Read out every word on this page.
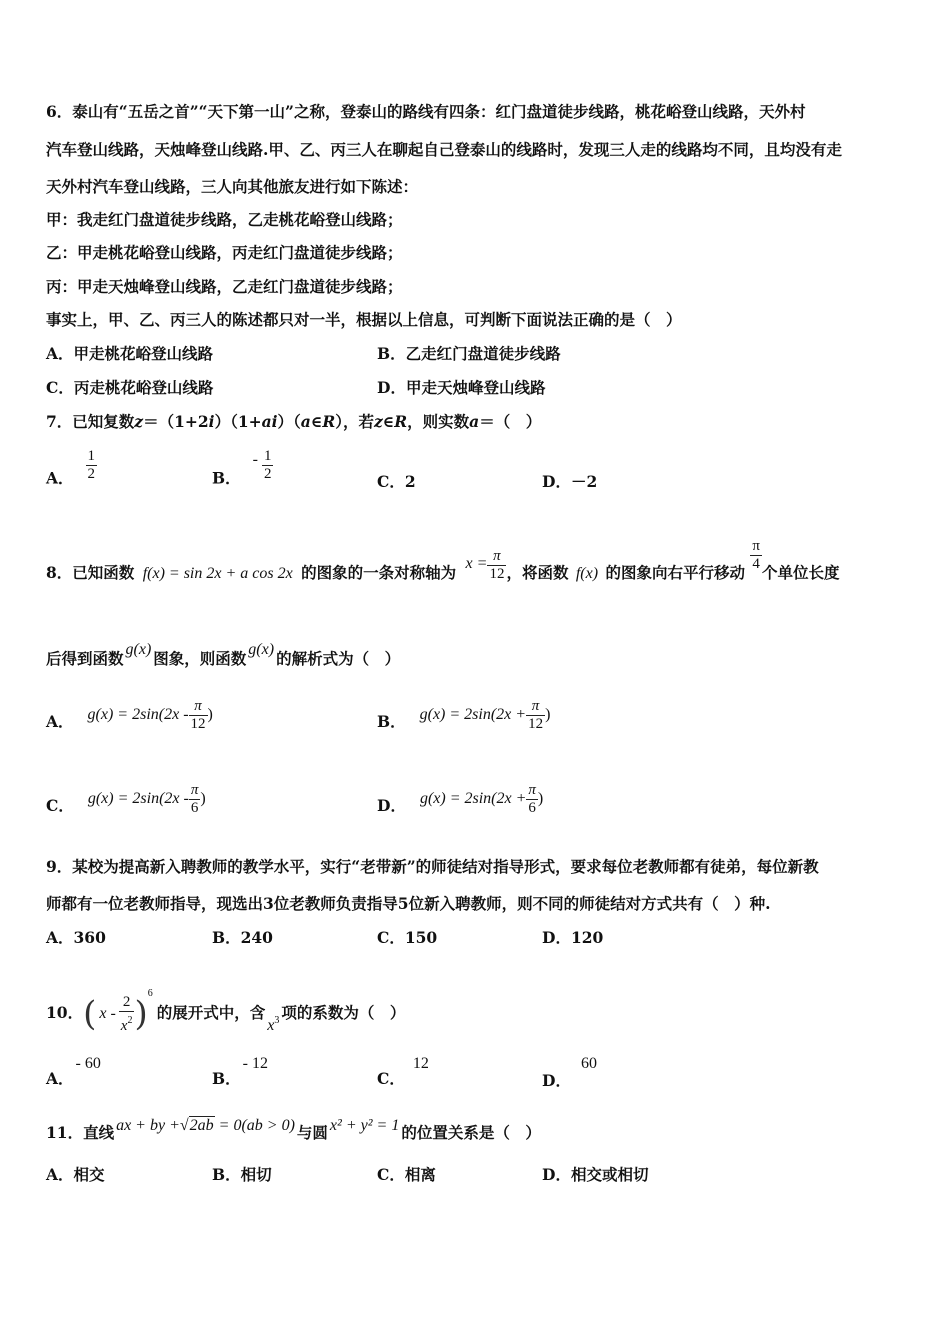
6．泰山有“五岳之首”“天下第一山”之称，登泰山的路线有四条：红门盘道徒步线路，桃花峪登山线路，天外村
汽车登山线路，天烛峰登山线路.甲、乙、丙三人在聊起自己登泰山的线路时，发现三人走的线路均不同，且均没有走
天外村汽车登山线路，三人向其他旅友进行如下陈述：
甲：我走红门盘道徒步线路，乙走桃花峪登山线路；
乙：甲走桃花峪登山线路，丙走红门盘道徒步线路；
丙：甲走天烛峰登山线路，乙走红门盘道徒步线路；
事实上，甲、乙、丙三人的陈述都只对一半，根据以上信息，可判断下面说法正确的是（　）
A．甲走桃花峪登山线路	B．乙走红门盘道徒步线路
C．丙走桃花峪登山线路	D．甲走天烛峰登山线路
7．已知复数z＝（1+2i）（1+ai）（a∈R），若z∈R，则实数a＝（　）
A． $\frac{1}{2}$	B．- $\frac{1}{2}$	C．2	D．－2
8．已知函数 f(x) = sin 2x + a cos 2x 的图象的一条对称轴为 $x = \frac{\pi}{12}$ ，将函数 f(x) 的图象向右平行移动 $\frac{\pi}{4}$ 个单位长度
后得到函数 g(x) 图象，则函数 g(x) 的解析式为（　）
A． $g(x) = 2\sin(2x - \frac{\pi}{12}$ )	B． $g(x) = 2\sin(2x + \frac{\pi}{12}$ )
C． $g(x) = 2\sin(2x - \frac{\pi}{6}$ )	D． $g(x) = 2\sin(2x + \frac{\pi}{6}$ )
9．某校为提高新入聘教师的教学水平，实行“老带新”的师徒结对指导形式，要求每位老教师都有徒弟，每位新教
师都有一位老教师指导，现选出3位老教师负责指导5位新入聘教师，则不同的师徒结对方式共有（　）种.
A．360	B．240	C．150	D．120
10．( x - $\frac{2}{x^2} )^6$的展开式中，含$x^3$ 项的系数为（　）
A．- 60
B．- 12
C．12
D．60
11．直线 ax + by +√2ab = 0(ab > 0) 与圆 x² + y² = 1 的位置关系是（　）
A．相交	B．相切	C．相离	D．相交或相切
